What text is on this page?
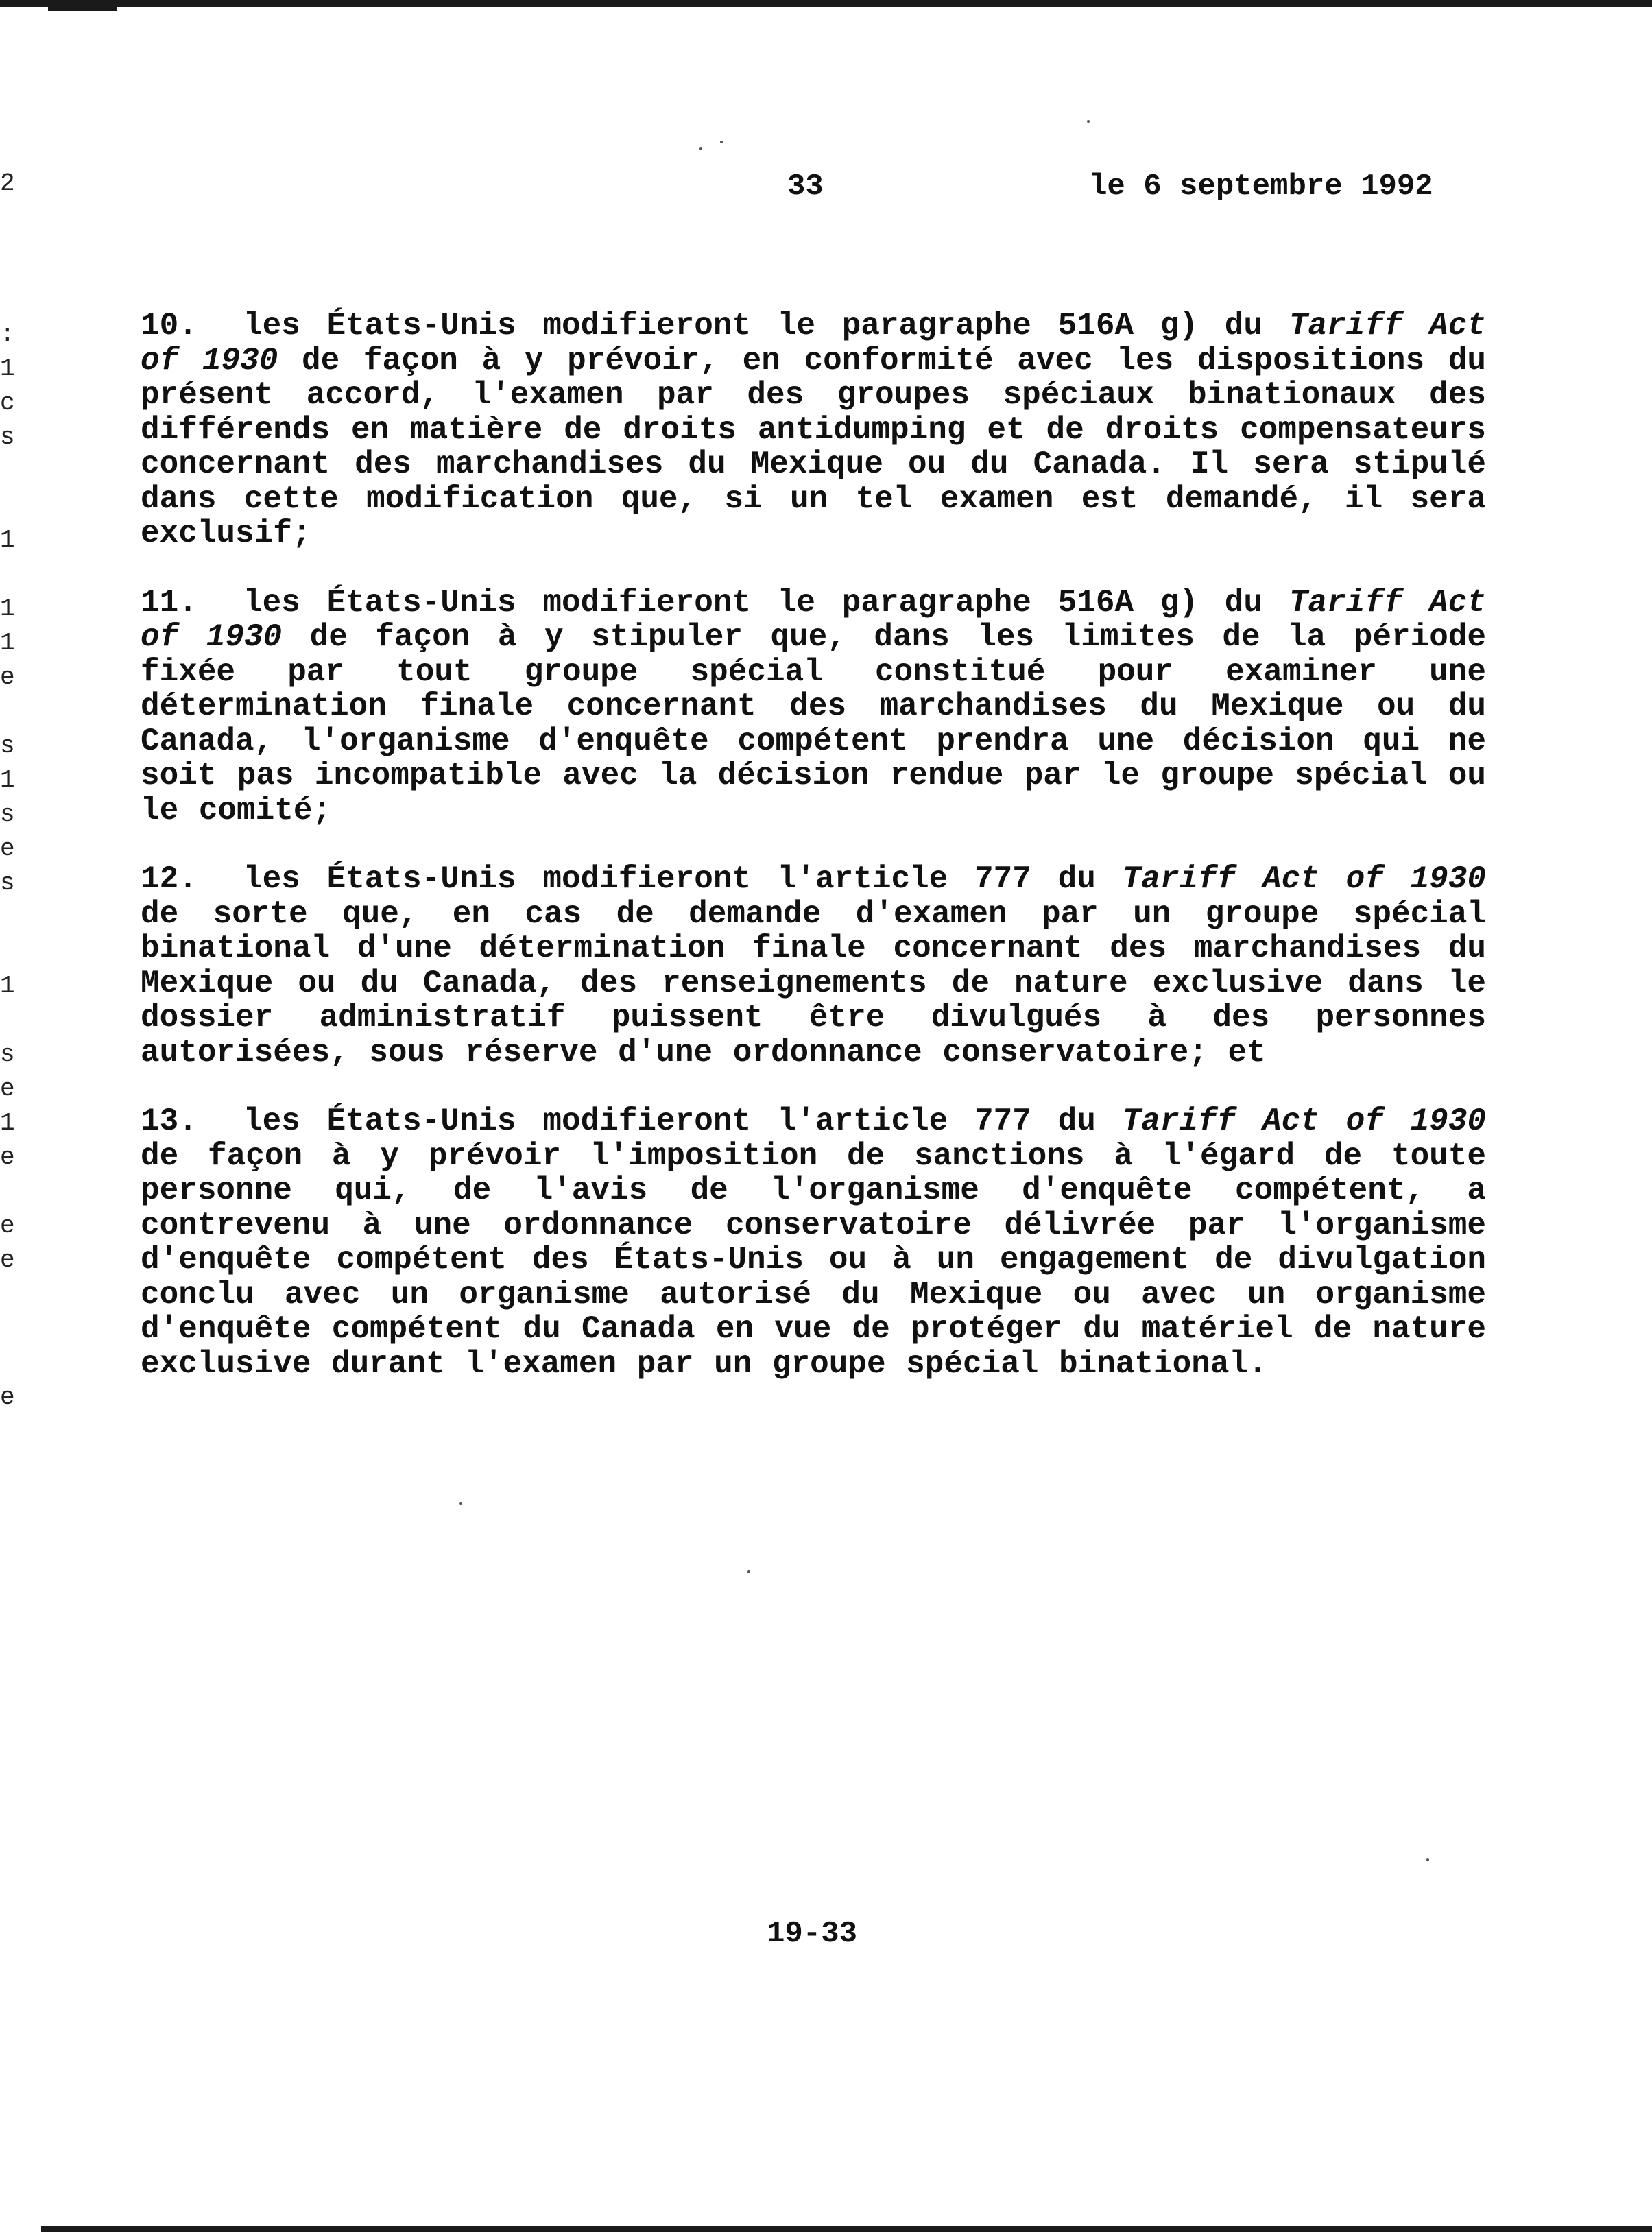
2
:
1
c
s
1
1
1
e
s
1
s
e
s
1
s
e
1
e
e
e
e
33	le 6 septembre 1992

10. les États-Unis modifieront le paragraphe 516A g) du Tariff Act of 1930 de façon à y prévoir, en conformité avec les dispositions du présent accord, l'examen par des groupes spéciaux binationaux des différends en matière de droits antidumping et de droits compensateurs concernant des marchandises du Mexique ou du Canada. Il sera stipulé dans cette modification que, si un tel examen est demandé, il sera exclusif;

11. les États-Unis modifieront le paragraphe 516A g) du Tariff Act of 1930 de façon à y stipuler que, dans les limites de la période fixée par tout groupe spécial constitué pour examiner une détermination finale concernant des marchandises du Mexique ou du Canada, l'organisme d'enquête compétent prendra une décision qui ne soit pas incompatible avec la décision rendue par le groupe spécial ou le comité;

12. les États-Unis modifieront l'article 777 du Tariff Act of 1930 de sorte que, en cas de demande d'examen par un groupe spécial binational d'une détermination finale concernant des marchandises du Mexique ou du Canada, des renseignements de nature exclusive dans le dossier administratif puissent être divulgués à des personnes autorisées, sous réserve d'une ordonnance conservatoire; et

13. les États-Unis modifieront l'article 777 du Tariff Act of 1930 de façon à y prévoir l'imposition de sanctions à l'égard de toute personne qui, de l'avis de l'organisme d'enquête compétent, a contrevenu à une ordonnance conservatoire délivrée par l'organisme d'enquête compétent des États-Unis ou à un engagement de divulgation conclu avec un organisme autorisé du Mexique ou avec un organisme d'enquête compétent du Canada en vue de protéger du matériel de nature exclusive durant l'examen par un groupe spécial binational.

19-33
